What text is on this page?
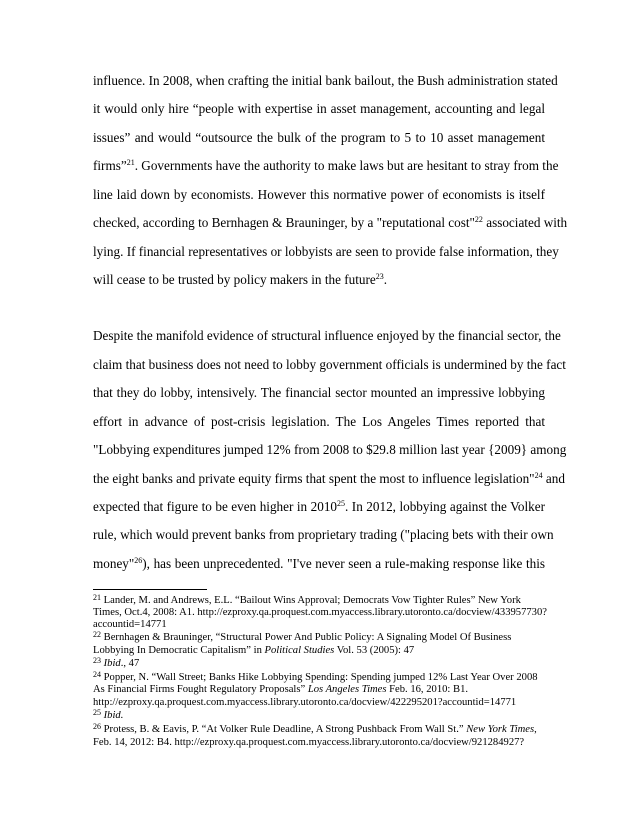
influence. In 2008, when crafting the initial bank bailout, the Bush administration stated
it would only hire “people with expertise in asset management, accounting and legal
issues” and would “outsource the bulk of the program to 5 to 10 asset management
firms”$^{21}$. Governments have the authority to make laws but are hesitant to stray from the
line laid down by economists. However this normative power of economists is itself
checked, according to Bernhagen & Brauninger, by a "reputational cost"$^{22}$ associated with
lying. If financial representatives or lobbyists are seen to provide false information, they
will cease to be trusted by policy makers in the future$^{23}$.
Despite the manifold evidence of structural influence enjoyed by the financial sector, the
claim that business does not need to lobby government officials is undermined by the fact
that they do lobby, intensively. The financial sector mounted an impressive lobbying
effort in advance of post-crisis legislation. The Los Angeles Times reported that
"Lobbying expenditures jumped 12% from 2008 to $29.8 million last year {2009} among
the eight banks and private equity firms that spent the most to influence legislation"$^{24}$ and
expected that figure to be even higher in 2010$^{25}$. In 2012, lobbying against the Volker
rule, which would prevent banks from proprietary trading ("placing bets with their own
money"$^{26}$), has been unprecedented. "I've never seen a rule-making response like this
$^{21}$ Lander, M. and Andrews, E.L. “Bailout Wins Approval; Democrats Vow Tighter Rules” New York
Times, Oct.4, 2008: A1. http://ezproxy.qa.proquest.com.myaccess.library.utoronto.ca/docview/433957730?
accountid=14771
$^{22}$ Bernhagen & Brauninger, “Structural Power And Public Policy: A Signaling Model Of Business
Lobbying In Democratic Capitalism” in Political Studies Vol. 53 (2005): 47
$^{23}$ Ibid., 47
$^{24}$ Popper, N. “Wall Street; Banks Hike Lobbying Spending: Spending jumped 12% Last Year Over 2008
As Financial Firms Fought Regulatory Proposals” Los Angeles Times Feb. 16, 2010: B1.
http://ezproxy.qa.proquest.com.myaccess.library.utoronto.ca/docview/422295201?accountid=14771
$^{25}$ Ibid.
$^{26}$ Protess, B. & Eavis, P. “At Volker Rule Deadline, A Strong Pushback From Wall St.” New York Times,
Feb. 14, 2012: B4. http://ezproxy.qa.proquest.com.myaccess.library.utoronto.ca/docview/921284927?
